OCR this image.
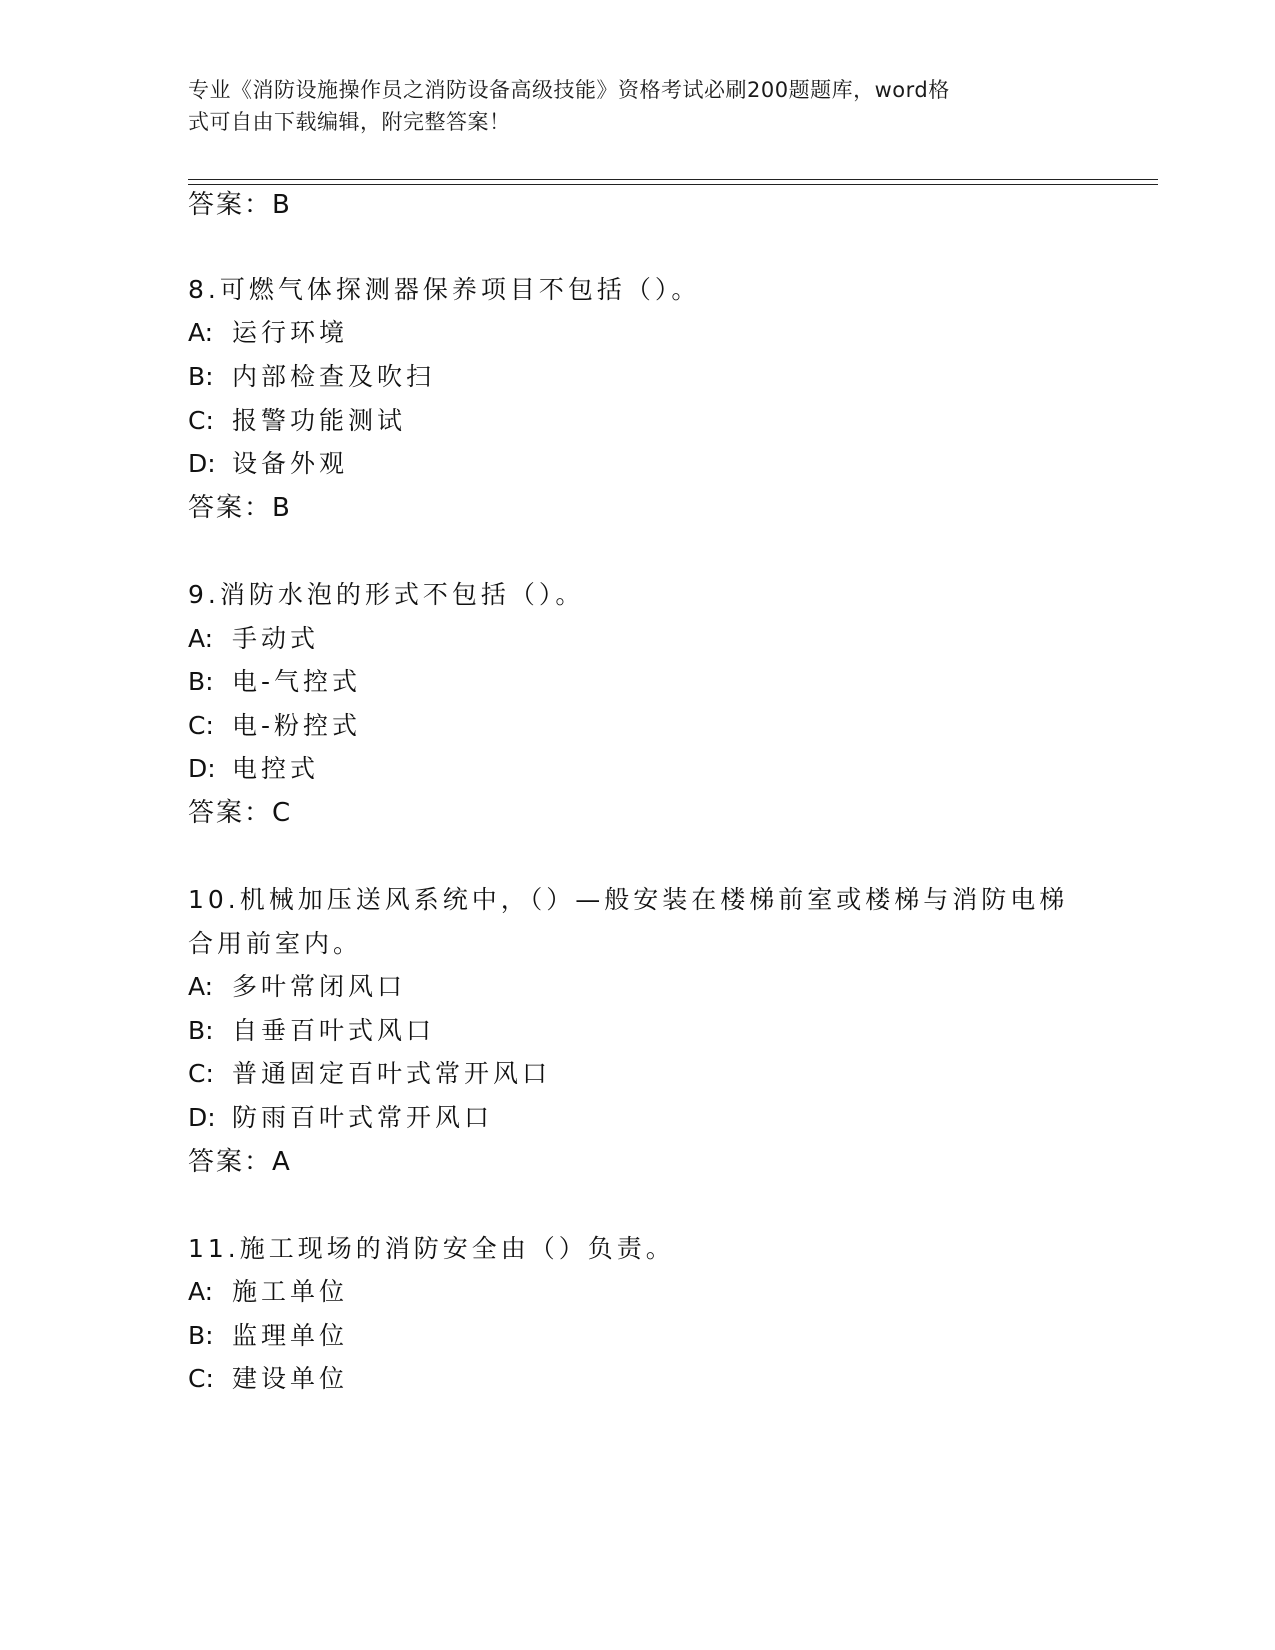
专业《消防设施操作员之消防设备高级技能》资格考试必刷200题题库，word格
式可自由下载编辑，附完整答案！
答案：B
8.可燃气体探测器保养项目不包括（）。
A: 运行环境
B: 内部检查及吹扫
C: 报警功能测试
D: 设备外观
答案：B
9.消防水泡的形式不包括（）。
A: 手动式
B: 电-气控式
C: 电-粉控式
D: 电控式
答案：C
10.机械加压送风系统中，（）—般安装在楼梯前室或楼梯与消防电梯
合用前室内。
A: 多叶常闭风口
B: 自垂百叶式风口
C: 普通固定百叶式常开风口
D: 防雨百叶式常开风口
答案：A
11.施工现场的消防安全由（）负责。
A: 施工单位
B: 监理单位
C: 建设单位
